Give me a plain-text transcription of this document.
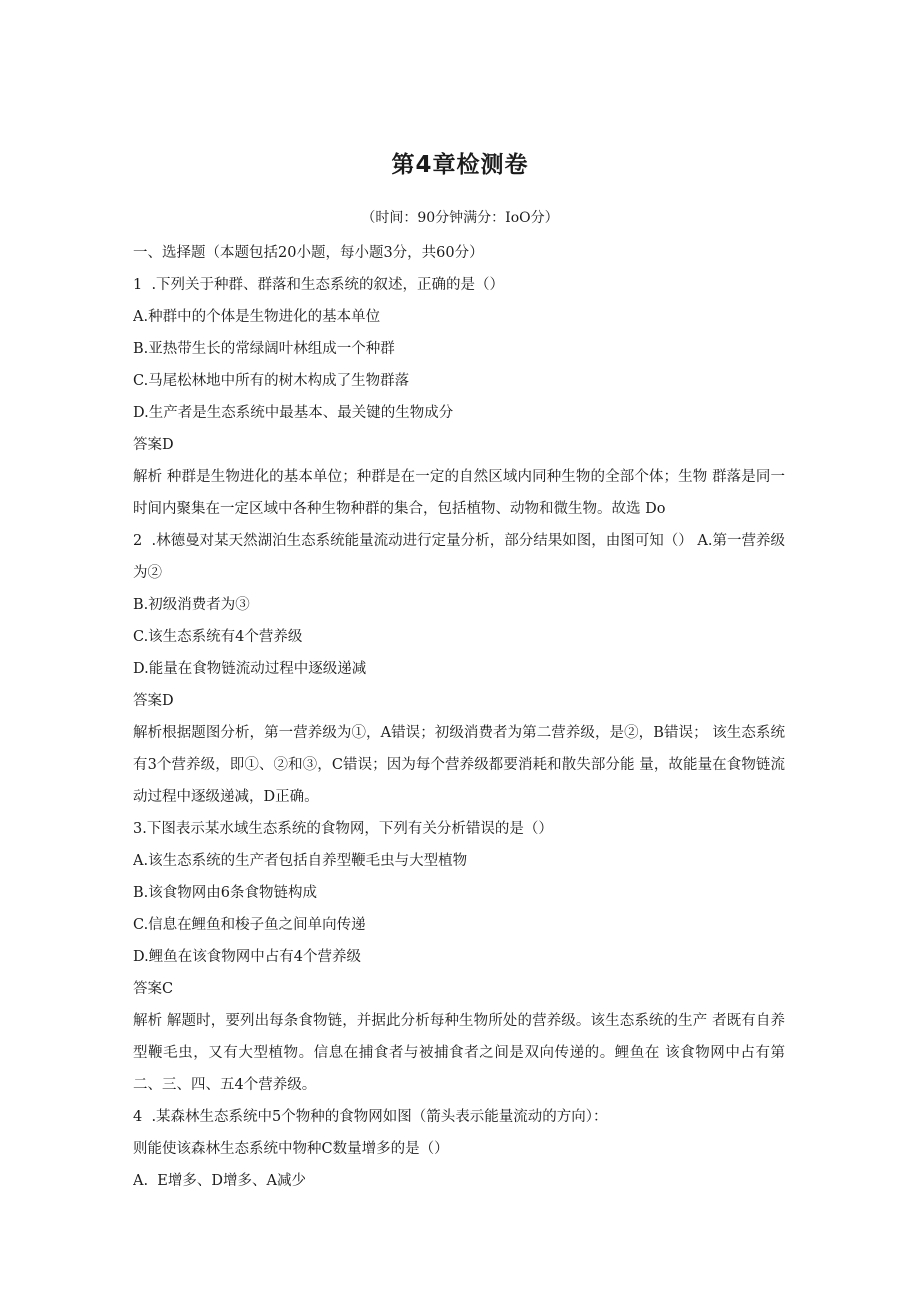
第4章检测卷
（时间：90分钟满分：IoO分）
一、选择题（本题包括20小题，每小题3分，共60分）
1  .下列关于种群、群落和生态系统的叙述，正确的是（）
A.种群中的个体是生物进化的基本单位
B.亚热带生长的常绿阔叶林组成一个种群
C.马尾松林地中所有的树木构成了生物群落
D.生产者是生态系统中最基本、最关键的生物成分
答案D
解析 种群是生物进化的基本单位；种群是在一定的自然区域内同种生物的全部个体；生物 群落是同一时间内聚集在一定区域中各种生物种群的集合，包括植物、动物和微生物。故选 Do
2  .林德曼对某天然湖泊生态系统能量流动进行定量分析，部分结果如图，由图可知（） A.第一营养级为②
B.初级消费者为③
C.该生态系统有4个营养级
D.能量在食物链流动过程中逐级递减
答案D
解析根据题图分析，第一营养级为①，A错误；初级消费者为第二营养级，是②，B错误； 该生态系统有3个营养级，即①、②和③，C错误；因为每个营养级都要消耗和散失部分能 量，故能量在食物链流动过程中逐级递减，D正确。
3.下图表示某水域生态系统的食物网，下列有关分析错误的是（）
A.该生态系统的生产者包括自养型鞭毛虫与大型植物
B.该食物网由6条食物链构成
C.信息在鲤鱼和梭子鱼之间单向传递
D.鲤鱼在该食物网中占有4个营养级
答案C
解析 解题时，要列出每条食物链，并据此分析每种生物所处的营养级。该生态系统的生产 者既有自养型鞭毛虫，又有大型植物。信息在捕食者与被捕食者之间是双向传递的。鲤鱼在 该食物网中占有第二、三、四、五4个营养级。
4  .某森林生态系统中5个物种的食物网如图（箭头表示能量流动的方向）：
则能使该森林生态系统中物种C数量增多的是（）
A.  E增多、D增多、A减少
